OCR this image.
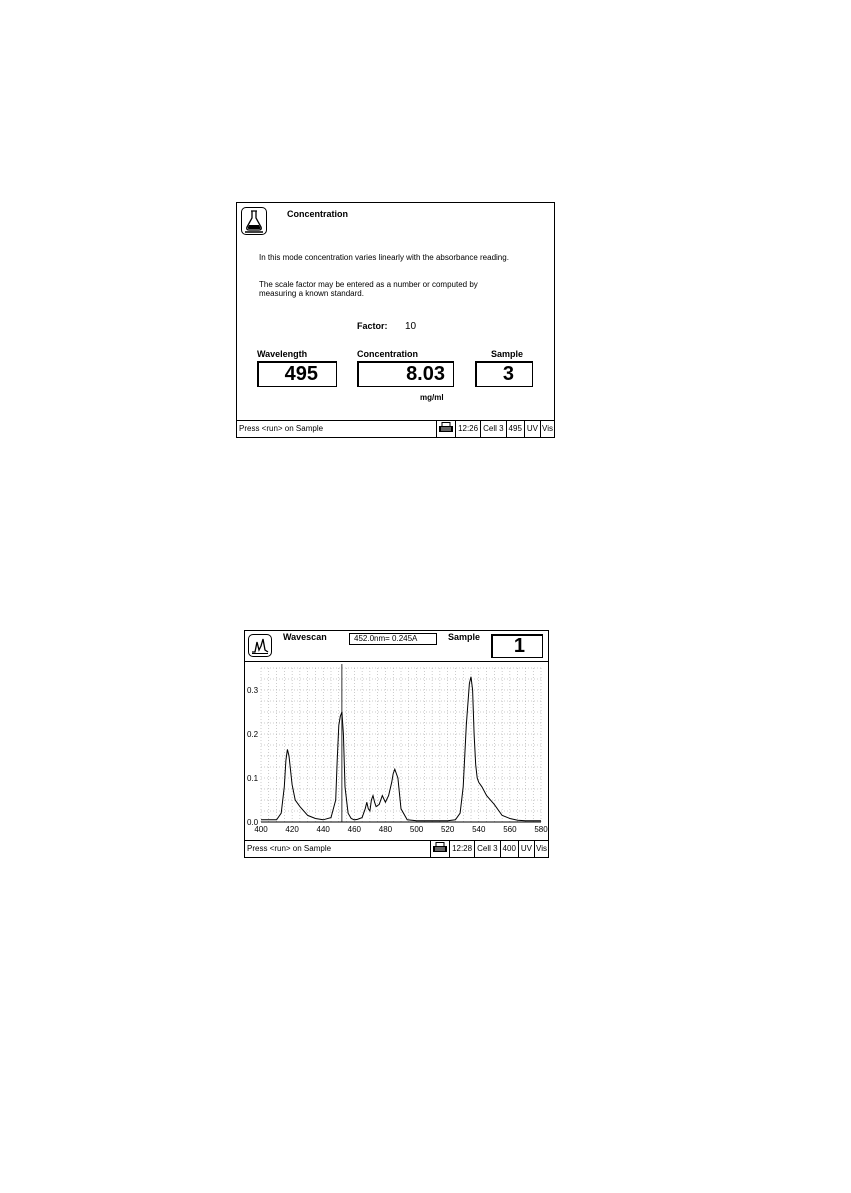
Concentration
In this mode concentration varies linearly with the absorbance reading.
The scale factor may be entered as a number or computed by measuring a known standard.
Factor: 10
Wavelength
495
Concentration
8.03
Sample
3
mg/ml
Press <run> on Sample	12:26 Cell 3 495 UV Vis
Wavescan	452.0nm= 0.245A	Sample	1
0.0
0.1
0.2
0.3
400 420 440 460 480 500 520 540 560 580
Press <run> on Sample	12:28 Cell 3 400 UV Vis
